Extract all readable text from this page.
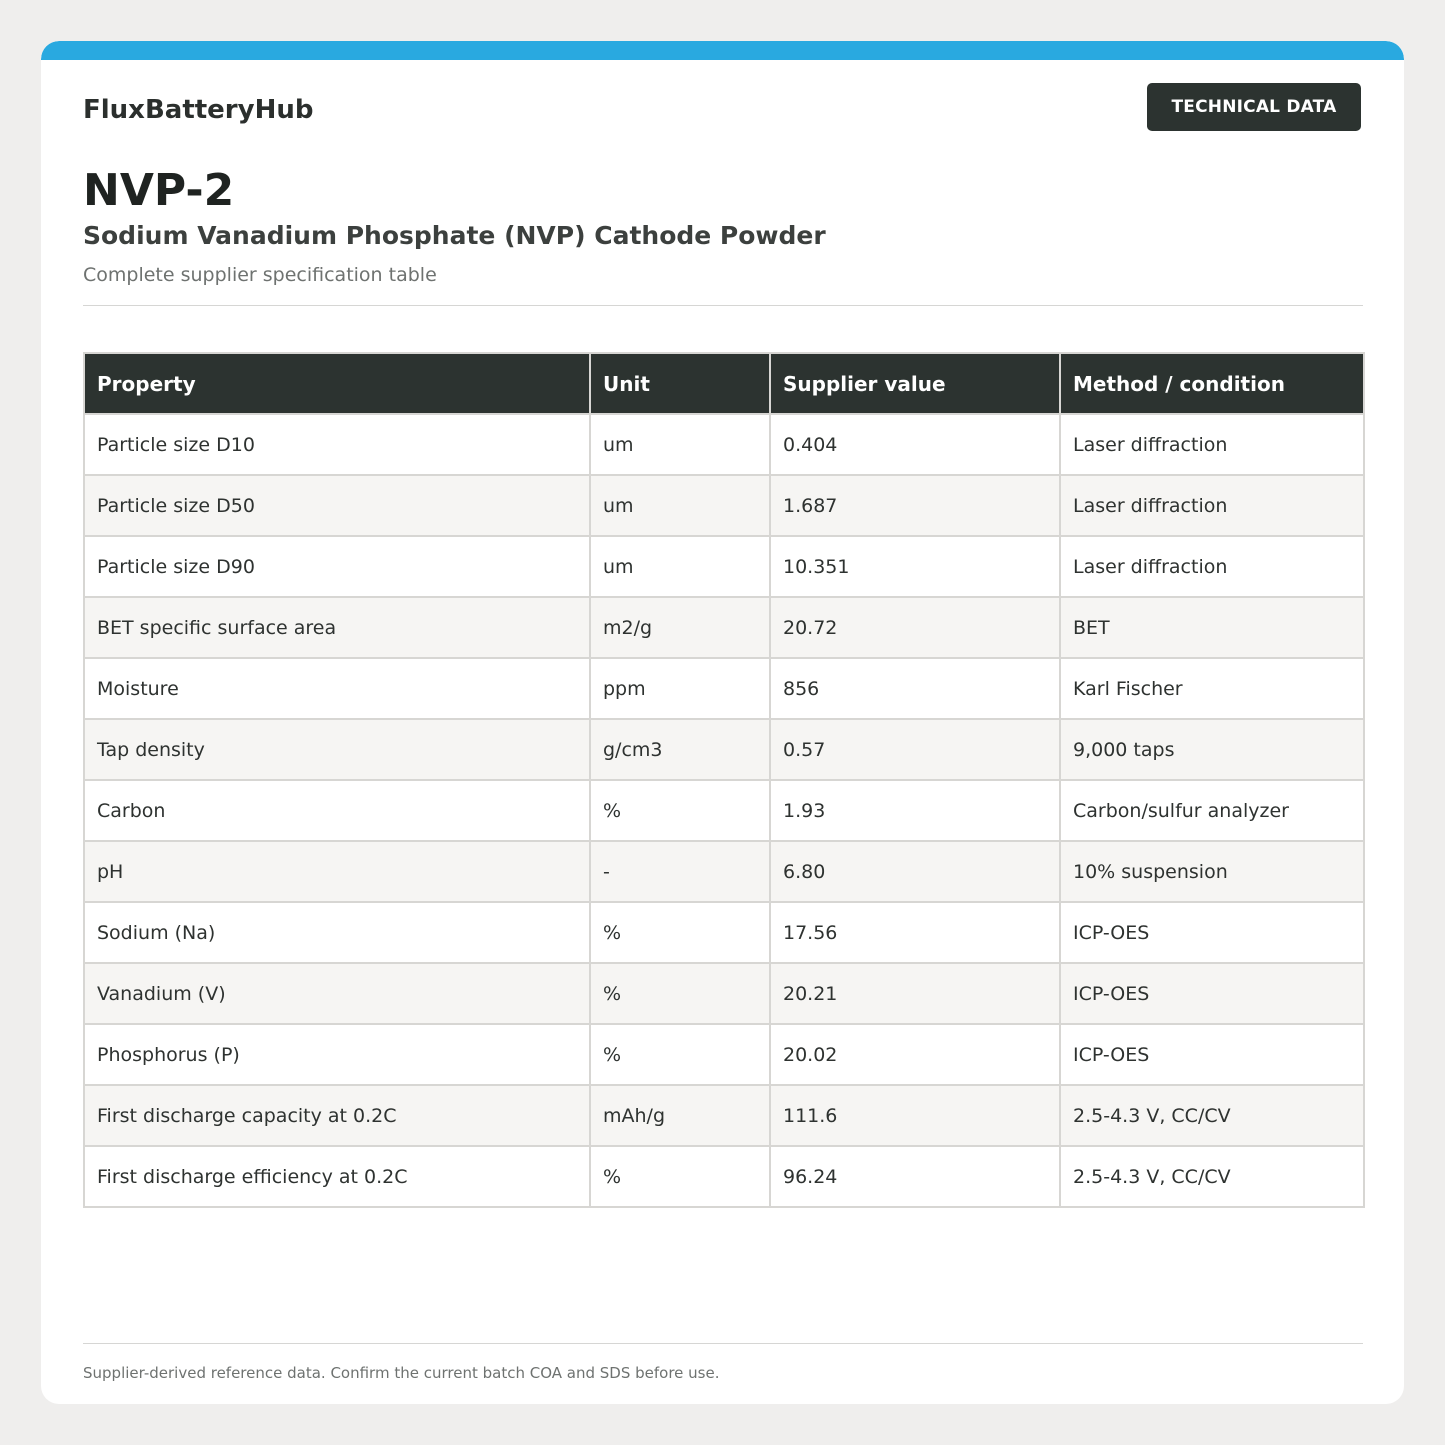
FluxBatteryHub	TECHNICAL DATA
NVP-2
Sodium Vanadium Phosphate (NVP) Cathode Powder
Complete supplier specification table
Property	Unit	Supplier value	Method / condition
Particle size D10	um	0.404	Laser diffraction
Particle size D50	um	1.687	Laser diffraction
Particle size D90	um	10.351	Laser diffraction
BET specific surface area	m2/g	20.72	BET
Moisture	ppm	856	Karl Fischer
Tap density	g/cm3	0.57	9,000 taps
Carbon	%	1.93	Carbon/sulfur analyzer
pH	-	6.80	10% suspension
Sodium (Na)	%	17.56	ICP-OES
Vanadium (V)	%	20.21	ICP-OES
Phosphorus (P)	%	20.02	ICP-OES
First discharge capacity at 0.2C	mAh/g	111.6	2.5-4.3 V, CC/CV
First discharge efficiency at 0.2C	%	96.24	2.5-4.3 V, CC/CV
Supplier-derived reference data. Confirm the current batch COA and SDS before use.
